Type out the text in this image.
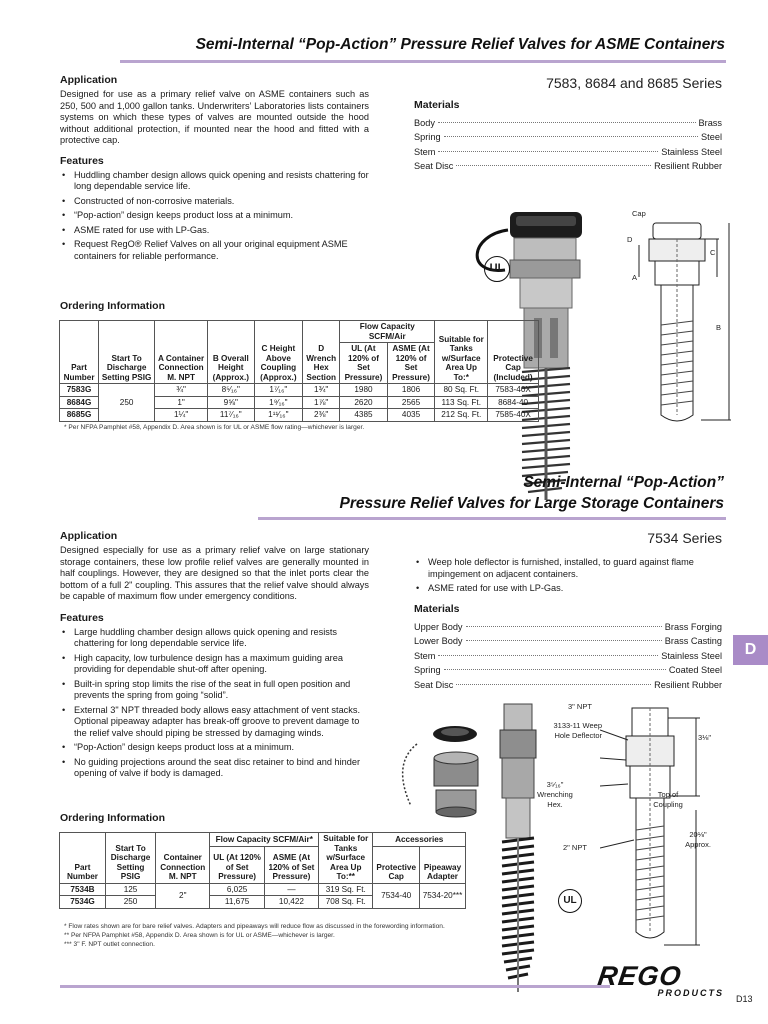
Semi-Internal “Pop-Action” Pressure Relief Valves for ASME Containers
7583, 8684 and 8685 Series
Application
Designed for use as a primary relief valve on ASME containers such as 250, 500 and 1,000 gallon tanks. Underwriters’ Laboratories lists containers systems on which these types of valves are mounted outside the hood without additional protection, if mounted near the hood and fitted with a protective cap.
Features
• Huddling chamber design allows quick opening and resists chattering for long dependable service life.
• Constructed of non-corrosive materials.
• “Pop-action” design keeps product loss at a minimum.
• ASME rated for use with LP-Gas.
• Request RegO® Relief Valves on all your original equipment ASME containers for reliable performance.
Materials
Body	Brass
Spring	Steel
Stem	Stainless Steel
Seat Disc	Resilient Rubber
UL
Cap
D
C
A
B
Ordering Information
Part Number	Start To Discharge Setting PSIG	A Container Connection M. NPT	B Overall Height (Approx.)	C Height Above Coupling (Approx.)	D Wrench Hex Section	Flow Capacity SCFM/Air		Suitable for Tanks w/Surface Area Up To:*	Protective Cap (Included)
						UL (At 120% of Set Pressure)	ASME (At 120% of Set Pressure)		
7583G	250	¾"	8⁵⁄₁₆"	1⁷⁄₁₆"	1¾"	1980	1806	80 Sq. Ft.	7583-40X
8684G		1"	9⅝"	1⁹⁄₁₆"	1⅞"	2620	2565	113 Sq. Ft.	8684-40
8685G		1¼"	11⁷⁄₁₆"	1¹¹⁄₁₆"	2⅜"	4385	4035	212 Sq. Ft.	7585-40X
* Per NFPA Pamphlet #58, Appendix D. Area shown is for UL or ASME flow rating—whichever is larger.
Semi-Internal “Pop-Action”
Pressure Relief Valves for Large Storage Containers
7534 Series
Application
Designed especially for use as a primary relief valve on large stationary storage containers, these low profile relief valves are generally mounted in half couplings. However, they are designed so that the inlet ports clear the bottom of a full 2" coupling. This assures that the relief valve should always be capable of maximum flow under emergency conditions.
Features
• Large huddling chamber design allows quick opening and resists chattering for long dependable service life.
• High capacity, low turbulence design has a maximum guiding area providing for dependable shut-off after opening.
• Built-in spring stop limits the rise of the seat in full open position and prevents the spring from going “solid”.
• External 3" NPT threaded body allows easy attachment of vent stacks. Optional pipeaway adapter has break-off groove to prevent damage to the relief valve should piping be stressed by damaging winds.
• “Pop-Action” design keeps product loss at a minimum.
• No guiding projections around the seat disc retainer to bind and hinder opening of valve if body is damaged.
• Weep hole deflector is furnished, installed, to guard against flame impingement on adjacent containers.
• ASME rated for use with LP-Gas.
Materials
Upper Body	Brass Forging
Lower Body	Brass Casting
Stem	Stainless Steel
Spring	Coated Steel
Seat Disc	Resilient Rubber
D
3" NPT
3133-11 Weep Hole Deflector
3⁵⁄₁₆" Wrenching Hex.
2" NPT
3⅛"
Top of Coupling
20⅛" Approx.
UL
Ordering Information
Part Number	Start To Discharge Setting PSIG	Container Connection M. NPT	Flow Capacity SCFM/Air*		Suitable for Tanks w/Surface Area Up To:**	Accessories	
			UL (At 120% of Set Pressure)	ASME (At 120% of Set Pressure)		Protective Cap	Pipeaway Adapter
7534B	125	2"	6,025	—	319 Sq. Ft.	7534-40	7534-20***
7534G	250		11,675	10,422	708 Sq. Ft.		
* Flow rates shown are for bare relief valves. Adapters and pipeaways will reduce flow as discussed in the forewording information.
** Per NFPA Pamphlet #58, Appendix D. Area shown is for UL or ASME—whichever is larger.
*** 3" F. NPT outlet connection.
REGO
PRODUCTS
D13
